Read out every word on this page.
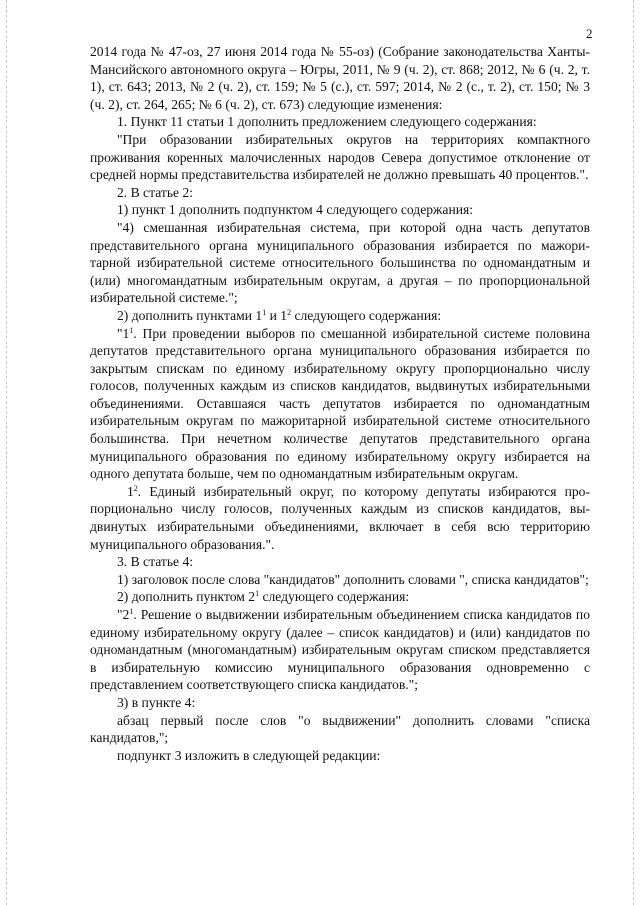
2

2014 года № 47-оз, 27 июня 2014 года № 55-оз) (Собрание законодательства Ханты-Мансийского автономного округа – Югры, 2011, № 9 (ч. 2), ст. 868; 2012, № 6 (ч. 2, т. 1), ст. 643; 2013, № 2 (ч. 2), ст. 159; № 5 (с.), ст. 597; 2014, № 2 (с., т. 2), ст. 150; № 3 (ч. 2), ст. 264, 265; № 6 (ч. 2), ст. 673) следующие изменения:

1. Пункт 11 статьи 1 дополнить предложением следующего содержания:

"При образовании избирательных округов на территориях компактного проживания коренных малочисленных народов Севера допустимое отклонение от средней нормы представительства избирателей не должно превышать 40 процентов.".

2. В статье 2:

1) пункт 1 дополнить подпунктом 4 следующего содержания:

"4) смешанная избирательная система, при которой одна часть депутатов представительного органа муниципального образования избирается по мажоритарной избирательной системе относительного большинства по одномандатным и (или) многомандатным избирательным округам, а другая – по пропорциональной избирательной системе.";

2) дополнить пунктами $1^1$ и $1^2$ следующего содержания:

"$1^1$. При проведении выборов по смешанной избирательной системе половина депутатов представительного органа муниципального образования избирается по закрытым спискам по единому избирательному округу пропорционально числу голосов, полученных каждым из списков кандидатов, выдвинутых избирательными объединениями. Оставшаяся часть депутатов избирается по одномандатным избирательным округам по мажоритарной избирательной системе относительного большинства. При нечетном количестве депутатов представительного органа муниципального образования по единому избирательному округу избирается на одного депутата больше, чем по одномандатным избирательным округам.

$1^2$. Единый избирательный округ, по которому депутаты избираются пропорционально числу голосов, полученных каждым из списков кандидатов, выдвинутых избирательными объединениями, включает в себя всю территорию муниципального образования.".

3. В статье 4:

1) заголовок после слова "кандидатов" дополнить словами ", списка кандидатов";

2) дополнить пунктом $2^1$ следующего содержания:

"$2^1$. Решение о выдвижении избирательным объединением списка кандидатов по единому избирательному округу (далее – список кандидатов) и (или) кандидатов по одномандатным (многомандатным) избирательным округам списком представляется в избирательную комиссию муниципального образования одновременно с представлением соответствующего списка кандидатов.";

3) в пункте 4:

абзац первый после слов "о выдвижении" дополнить словами "списка кандидатов,";

подпункт 3 изложить в следующей редакции:
